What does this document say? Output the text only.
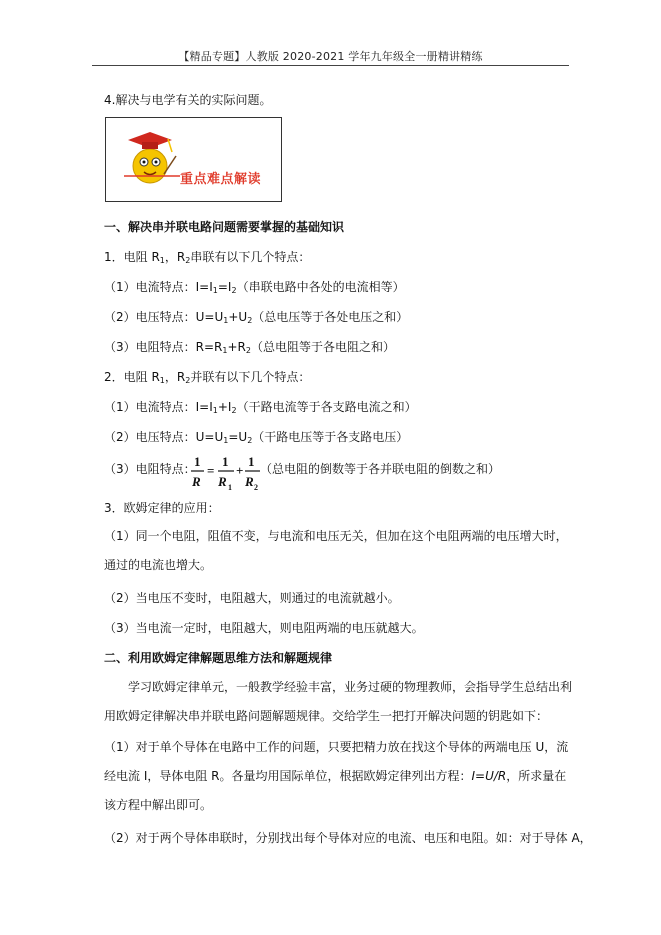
【精品专题】人教版 2020-2021 学年九年级全一册精讲精练
4.解决与电学有关的实际问题。
重点难点解读
一、解决串并联电路问题需要掌握的基础知识
1．电阻 $R_1$，$R_2$串联有以下几个特点：
（1）电流特点：$I=I_1=I_2$（串联电路中各处的电流相等）
（2）电压特点：$U=U_1+U_2$（总电压等于各处电压之和）
（3）电阻特点：$R=R_1+R_2$（总电阻等于各电阻之和）
2．电阻 $R_1$，$R_2$并联有以下几个特点：
（1）电流特点：$I=I_1+I_2$（干路电流等于各支路电流之和）
（2）电压特点：$U=U_1=U_2$（干路电压等于各支路电压）
（3）电阻特点：
1
R
=
1
R 1
+
1
R 2
（总电阻的倒数等于各并联电阻的倒数之和）
3．欧姆定律的应用：
（1）同一个电阻，阻值不变，与电流和电压无关，但加在这个电阻两端的电压增大时，通过的电流也增大。
（2）当电压不变时，电阻越大，则通过的电流就越小。
（3）当电流一定时，电阻越大，则电阻两端的电压就越大。
二、利用欧姆定律解题思维方法和解题规律
学习欧姆定律单元，一般教学经验丰富，业务过硬的物理教师，会指导学生总结出利用欧姆定律解决串并联电路问题解题规律。交给学生一把打开解决问题的钥匙如下：
（1）对于单个导体在电路中工作的问题，只要把精力放在找这个导体的两端电压 U，流经电流 I，导体电阻 R。各量均用国际单位，根据欧姆定律列出方程：I=U/R，所求量在该方程中解出即可。
（2）对于两个导体串联时，分别找出每个导体对应的电流、电压和电阻。如：对于导体 A，
